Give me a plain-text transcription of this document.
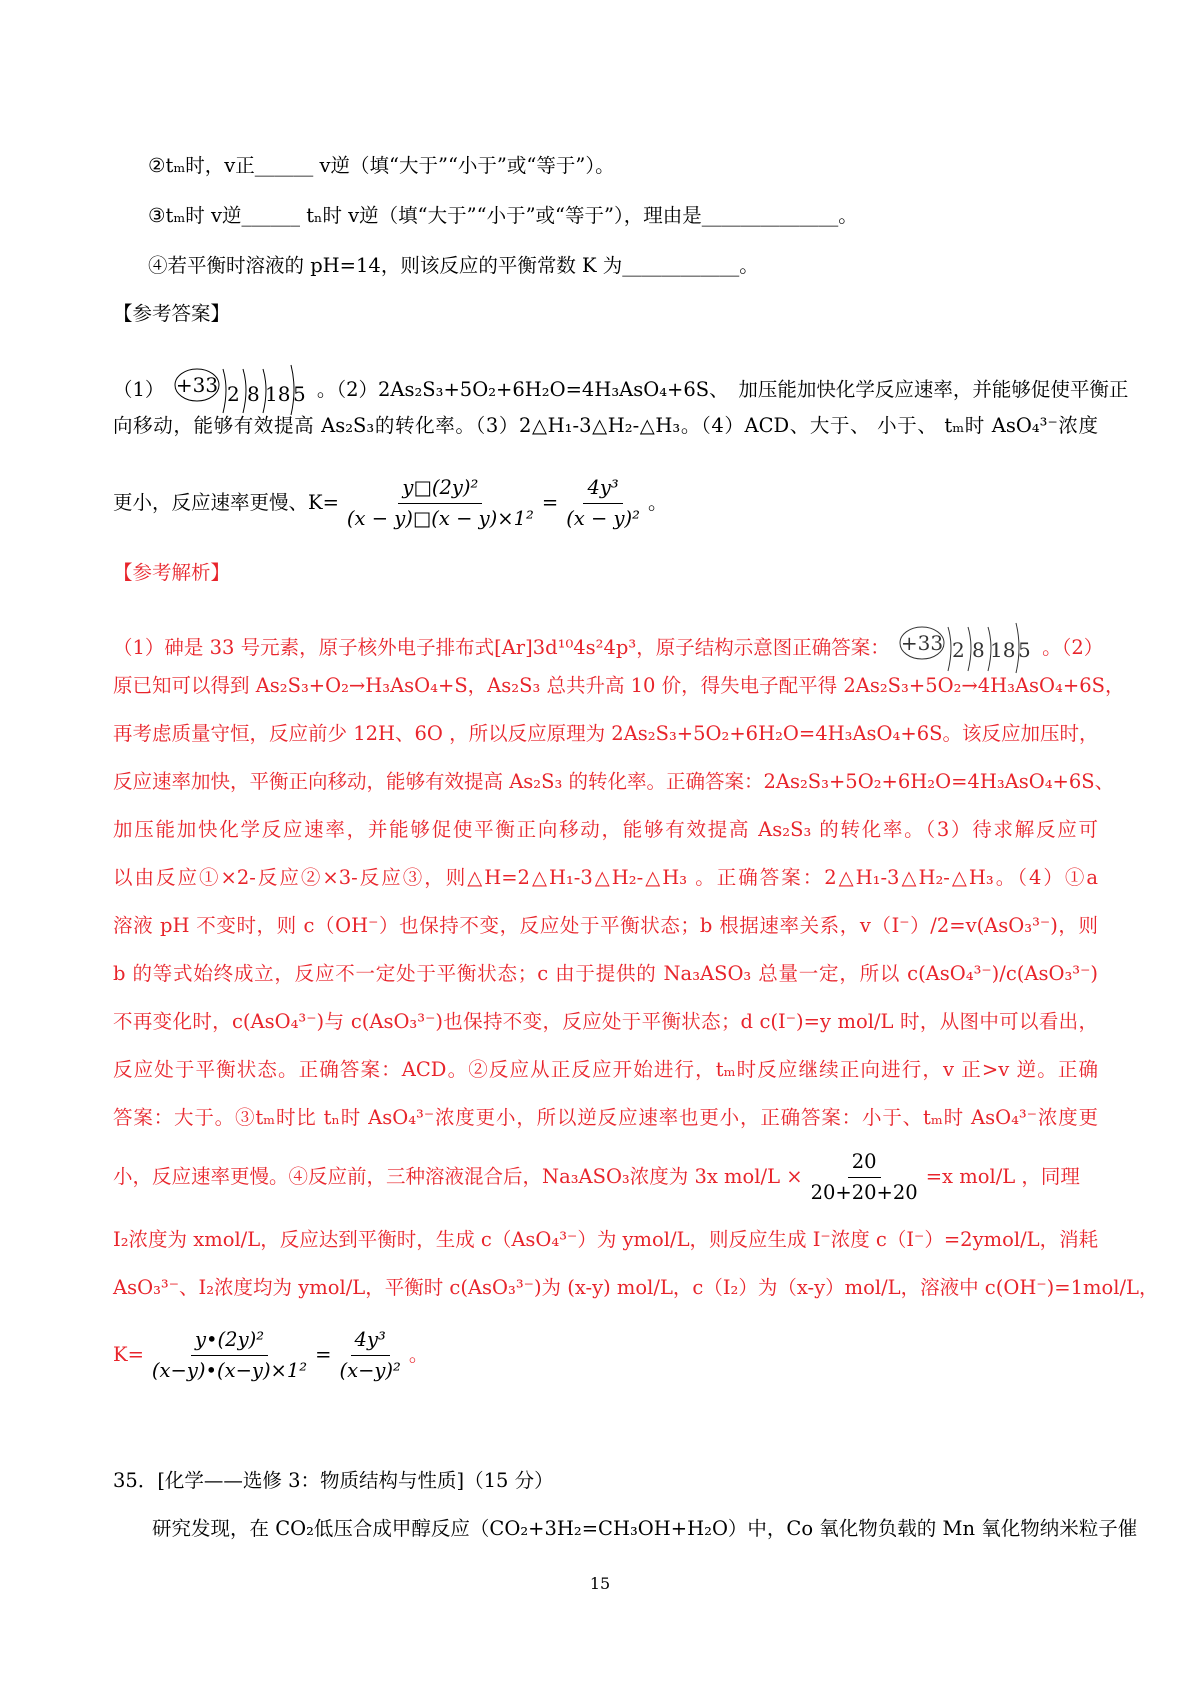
②tₘ时，v正______ v逆（填“大于”“小于”或“等于”）。
③tₘ时 v逆______ tₙ时 v逆（填“大于”“小于”或“等于”），理由是______________。
④若平衡时溶液的 pH=14，则该反应的平衡常数 K 为____________。
【参考答案】
（1） +33 2 8 18 5 。（2）2As₂S₃+5O₂+6H₂O=4H₃AsO₄+6S、　加压能加快化学反应速率，并能够促使平衡正
向移动，能够有效提高 As₂S₃的转化率。（3）2△H₁-3△H₂-△H₃。（4）ACD、大于、 小于、 tₘ时 AsO₄³⁻浓度
更小，反应速率更慢、$K= \frac{\text{y□(2y)²}}{\text{(x − y)□(x − y)×1²}} = \frac{\text{4y³}}{\text{(x − y)²}}$ 。
【参考解析】
（1）砷是 33 号元素，原子核外电子排布式[Ar]3d¹⁰4s²4p³，原子结构示意图正确答案： +33 2 8 18 5 。（2）
原已知可以得到 As₂S₃+O₂→H₃AsO₄+S，As₂S₃ 总共升高 10 价，得失电子配平得 2As₂S₃+5O₂→4H₃AsO₄+6S，
再考虑质量守恒，反应前少 12H、6O ，所以反应原理为 2As₂S₃+5O₂+6H₂O=4H₃AsO₄+6S。该反应加压时，
反应速率加快，平衡正向移动，能够有效提高 As₂S₃ 的转化率。正确答案：2As₂S₃+5O₂+6H₂O=4H₃AsO₄+6S、
加压能加快化学反应速率，并能够促使平衡正向移动，能够有效提高 As₂S₃ 的转化率。（3）待求解反应可
以由反应①×2-反应②×3-反应③，则△H=2△H₁-3△H₂-△H₃ 。正确答案：2△H₁-3△H₂-△H₃。（4）①a
溶液 pH 不变时，则 c（OH⁻）也保持不变，反应处于平衡状态；b 根据速率关系，v（I⁻）/2=v(AsO₃³⁻)，则
b 的等式始终成立，反应不一定处于平衡状态；c 由于提供的 Na₃ASO₃ 总量一定，所以 c(AsO₄³⁻)/c(AsO₃³⁻)
不再变化时，c(AsO₄³⁻)与 c(AsO₃³⁻)也保持不变，反应处于平衡状态；d c(I⁻)=y mol/L 时，从图中可以看出，
反应处于平衡状态。正确答案：ACD。②反应从正反应开始进行，tₘ时反应继续正向进行，v 正>v 逆。正确
答案：大于。③tₘ时比 tₙ时 AsO₄³⁻浓度更小，所以逆反应速率也更小，正确答案：小于、tₘ时 AsO₄³⁻浓度更
小，反应速率更慢。④反应前，三种溶液混合后，Na₃ASO₃浓度为 3x $mol/L \times \frac{20}{20+20+20} =x$ mol/L ，同理
I₂浓度为 xmol/L，反应达到平衡时，生成 c（AsO₄³⁻）为 ymol/L，则反应生成 I⁻浓度 c（I⁻）=2ymol/L，消耗
AsO₃³⁻、I₂浓度均为 ymol/L，平衡时 c(AsO₃³⁻)为 (x-y) mol/L，c（I₂）为（x-y）mol/L，溶液中 c(OH⁻)=1mol/L，
$K= \frac{\text{y•(2y)²}}{\text{(x−y)•(x−y)×1²}} = \frac{\text{4y³}}{\text{(x−y)²}}$ 。
35．[化学——选修 3：物质结构与性质]（15 分）
研究发现，在 CO₂低压合成甲醇反应（CO₂+3H₂=CH₃OH+H₂O）中，Co 氧化物负载的 Mn 氧化物纳米粒子催
15
